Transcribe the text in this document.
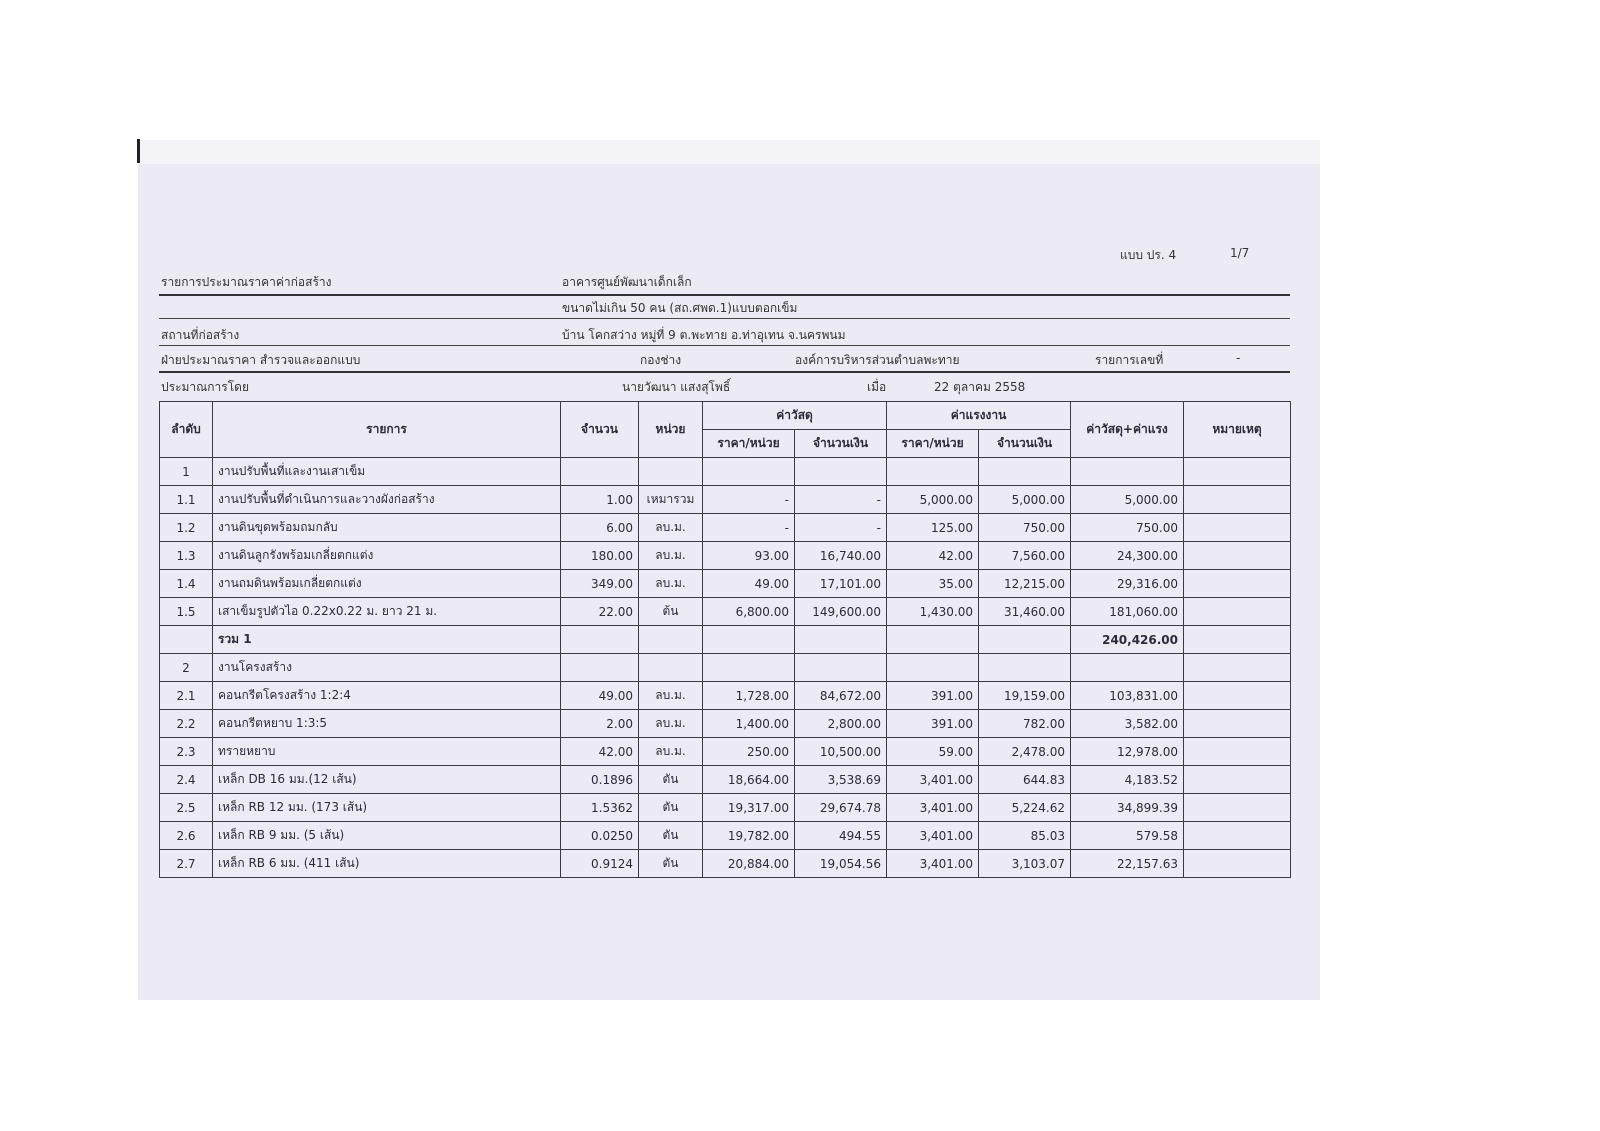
แบบ ปร. 4	1/7
รายการประมาณราคาค่าก่อสร้าง	อาคารศูนย์พัฒนาเด็กเล็ก
ขนาดไม่เกิน 50 คน (สถ.ศพด.1)แบบตอกเข็ม
สถานที่ก่อสร้าง	บ้าน โคกสว่าง หมู่ที่ 9 ต.พะทาย อ.ท่าอุเทน จ.นครพนม
ฝ่ายประมาณราคา สำรวจและออกแบบ	กองช่าง	องค์การบริหารส่วนตำบลพะทาย	รายการเลขที่	-
ประมาณการโดย	นายวัฒนา แสงสุโพธิ์	เมื่อ	22 ตุลาคม 2558
ลำดับ	รายการ	จำนวน	หน่วย	ค่าวัสดุ		ค่าแรงงาน		ค่าวัสดุ+ค่าแรง	หมายเหตุ
				ราคา/หน่วย	จำนวนเงิน	ราคา/หน่วย	จำนวนเงิน		
1	งานปรับพื้นที่และงานเสาเข็ม								
1.1	งานปรับพื้นที่ดำเนินการและวางผังก่อสร้าง	1.00	เหมารวม	-	-	5,000.00	5,000.00	5,000.00	
1.2	งานดินขุดพร้อมถมกลับ	6.00	ลบ.ม.	-	-	125.00	750.00	750.00	
1.3	งานดินลูกรังพร้อมเกลี่ยตกแต่ง	180.00	ลบ.ม.	93.00	16,740.00	42.00	7,560.00	24,300.00	
1.4	งานถมดินพร้อมเกลี่ยตกแต่ง	349.00	ลบ.ม.	49.00	17,101.00	35.00	12,215.00	29,316.00	
1.5	เสาเข็มรูปตัวไอ 0.22x0.22 ม. ยาว 21 ม.	22.00	ต้น	6,800.00	149,600.00	1,430.00	31,460.00	181,060.00	
	รวม 1							240,426.00	
2	งานโครงสร้าง								
2.1	คอนกรีตโครงสร้าง 1:2:4	49.00	ลบ.ม.	1,728.00	84,672.00	391.00	19,159.00	103,831.00	
2.2	คอนกรีตหยาบ 1:3:5	2.00	ลบ.ม.	1,400.00	2,800.00	391.00	782.00	3,582.00	
2.3	ทรายหยาบ	42.00	ลบ.ม.	250.00	10,500.00	59.00	2,478.00	12,978.00	
2.4	เหล็ก DB 16 มม.(12 เส้น)	0.1896	ตัน	18,664.00	3,538.69	3,401.00	644.83	4,183.52	
2.5	เหล็ก RB 12 มม. (173 เส้น)	1.5362	ตัน	19,317.00	29,674.78	3,401.00	5,224.62	34,899.39	
2.6	เหล็ก RB 9 มม. (5 เส้น)	0.0250	ตัน	19,782.00	494.55	3,401.00	85.03	579.58	
2.7	เหล็ก RB 6 มม. (411 เส้น)	0.9124	ตัน	20,884.00	19,054.56	3,401.00	3,103.07	22,157.63	
